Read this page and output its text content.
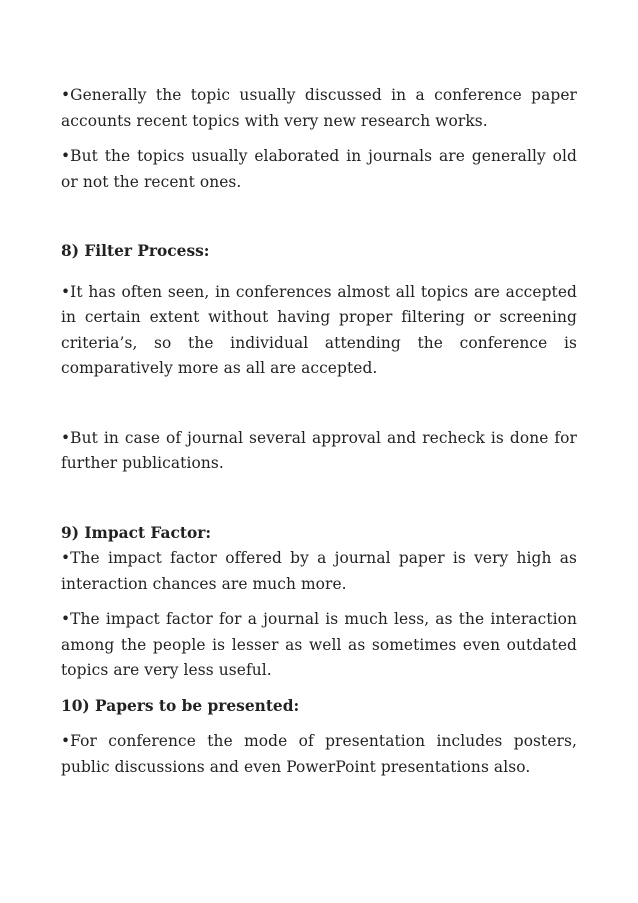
•Generally the topic usually discussed in a conference paper accounts recent topics with very new research works.

•But the topics usually elaborated in journals are generally old or not the recent ones.

8) Filter Process:

•It has often seen, in conferences almost all topics are accepted in certain extent without having proper filtering or screening criteria’s, so the individual attending the conference is comparatively more as all are accepted.

•But in case of journal several approval and recheck is done for further publications.

9) Impact Factor:

•The impact factor offered by a journal paper is very high as interaction chances are much more.

•The impact factor for a journal is much less, as the interaction among the people is lesser as well as sometimes even outdated topics are very less useful.

10) Papers to be presented:

•For conference the mode of presentation includes posters, public discussions and even PowerPoint presentations also.
